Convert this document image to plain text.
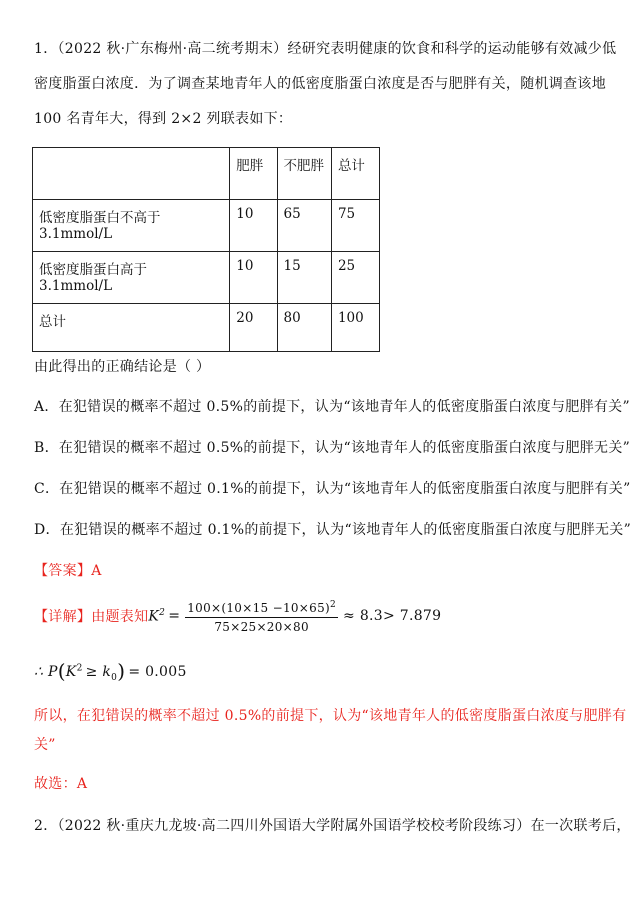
1．（2022 秋·广东梅州·高二统考期末）经研究表明健康的饮食和科学的运动能够有效减少低
密度脂蛋白浓度．为了调查某地青年人的低密度脂蛋白浓度是否与肥胖有关，随机调查该地
100 名青年大，得到 2×2 列联表如下：
	肥胖	不肥胖	总计
低密度脂蛋白不高于 3.1mmol/L	10	65	75
低密度脂蛋白高于 3.1mmol/L	10	15	25
总计	20	80	100
由此得出的正确结论是（ ）
A．在犯错误的概率不超过 0.5%的前提下，认为“该地青年人的低密度脂蛋白浓度与肥胖有关”
B．在犯错误的概率不超过 0.5%的前提下，认为“该地青年人的低密度脂蛋白浓度与肥胖无关”
C．在犯错误的概率不超过 0.1%的前提下，认为“该地青年人的低密度脂蛋白浓度与肥胖有关”
D．在犯错误的概率不超过 0.1%的前提下，认为“该地青年人的低密度脂蛋白浓度与肥胖无关”
【答案】A
【详解】 由题表知 $K^2 = \frac{100\times(10\times 15 -10\times 65)^2}{75\times 25\times 20\times 80} \approx 8.3> 7.879$
∴ $P(K^2 \ge k_0) = 0.005$
所以，在犯错误的概率不超过 0.5%的前提下，认为“该地青年人的低密度脂蛋白浓度与肥胖有
关”
故选：A
2．（2022 秋·重庆九龙坡·高二四川外国语大学附属外国语学校校考阶段练习）在一次联考后，
